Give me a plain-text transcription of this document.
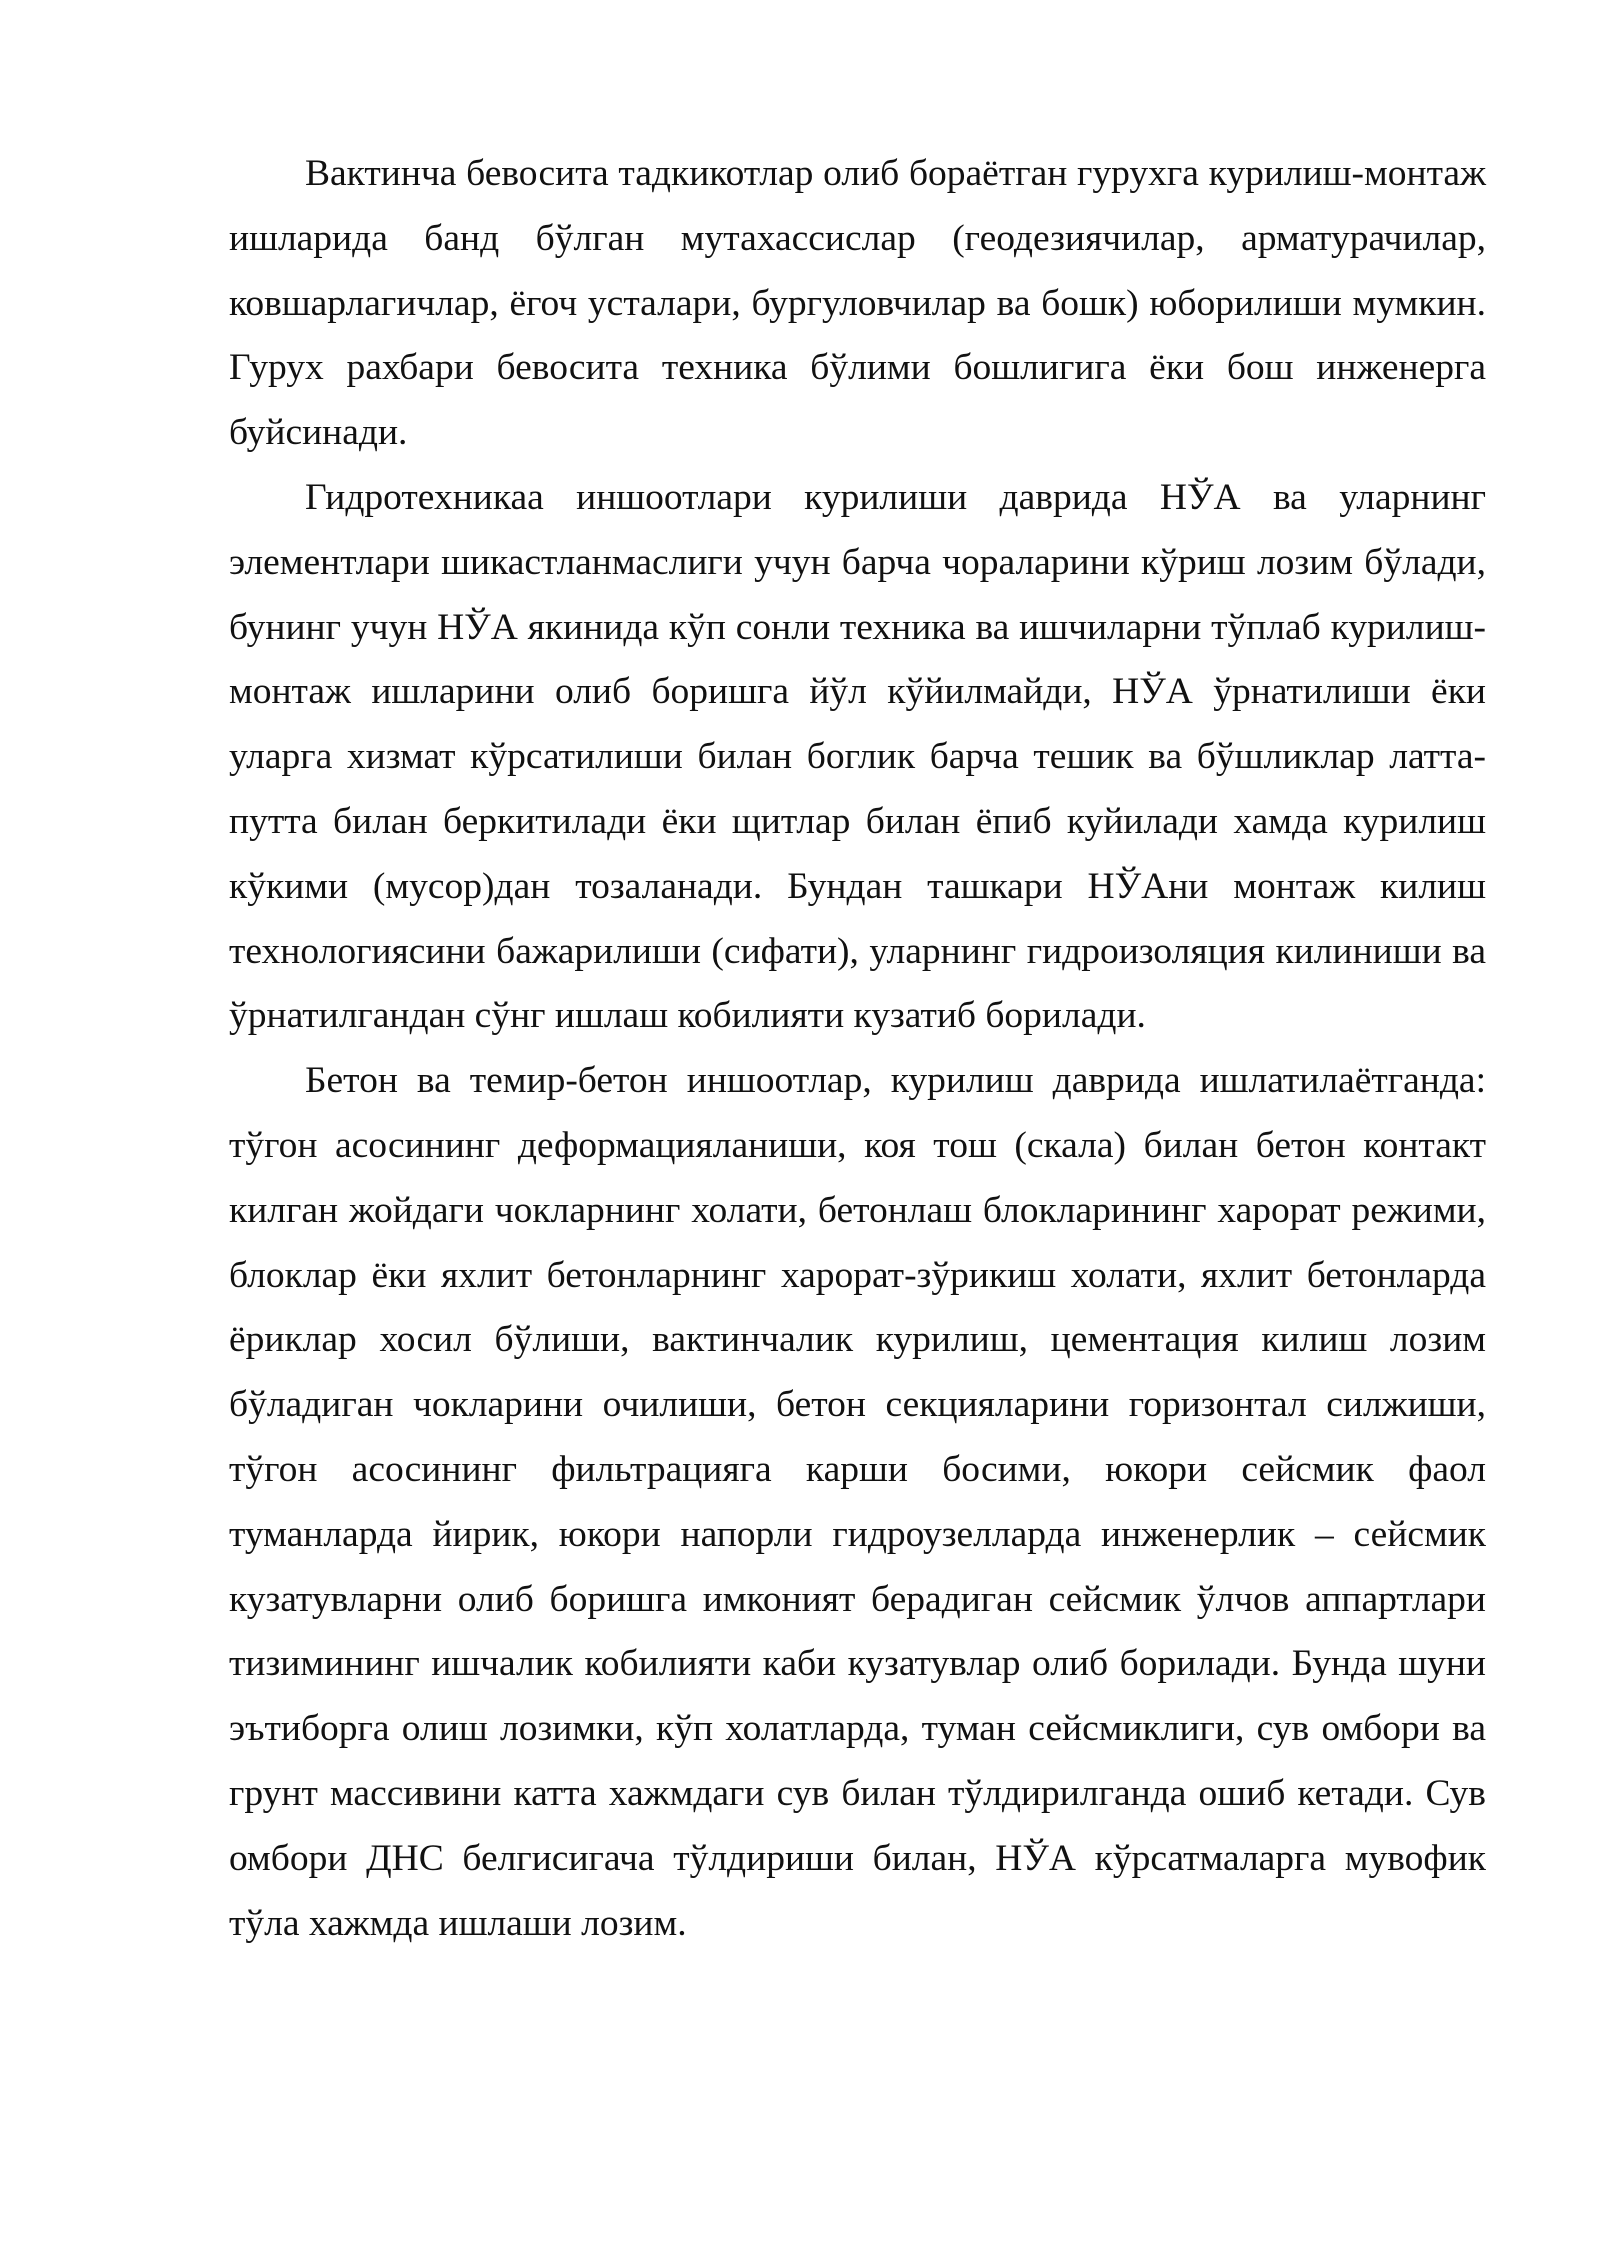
Вактинча бевосита тадкикотлар олиб бораётган гурухга курилиш-монтаж ишларида банд бўлган мутахассислар (геодезиячилар, арматурачилар, ковшарлагичлар, ёгоч усталари, бургуловчилар ва бошк) юборилиши мумкин. Гурух рахбари бевосита техника бўлими бошлигига ёки бош инженерга буйсинади.

Гидротехникаа иншоотлари курилиши даврида НЎА ва уларнинг элементлари шикастланмаслиги учун барча чораларини кўриш лозим бўлади, бунинг учун НЎА якинида кўп сонли техника ва ишчиларни тўплаб курилиш-монтаж ишларини олиб боришга йўл кўйилмайди, НЎА ўрнатилиши ёки уларга хизмат кўрсатилиши билан боглик барча тешик ва бўшликлар латта-путта билан беркитилади ёки щитлар билан ёпиб куйилади хамда курилиш кўкими (мусор)дан тозаланади. Бундан ташкари НЎАни монтаж килиш технологиясини бажарилиши (сифати), уларнинг гидроизоляция килиниши ва ўрнатилгандан сўнг ишлаш кобилияти кузатиб борилади.

Бетон ва темир-бетон иншоотлар, курилиш даврида ишлатилаётганда: тўгон асосининг деформацияланиши, коя тош (скала) билан бетон контакт килган жойдаги чокларнинг холати, бетонлаш блокларининг харорат режими, блоклар ёки яхлит бетонларнинг харорат-зўрикиш холати, яхлит бетонларда ёриклар хосил бўлиши, вактинчалик курилиш, цементация килиш лозим бўладиган чокларини очилиши, бетон секцияларини горизонтал силжиши, тўгон асосининг фильтрацияга карши босими, юкори сейсмик фаол туманларда йирик, юкори напорли гидроузелларда инженерлик – сейсмик кузатувларни олиб боришга имконият берадиган сейсмик ўлчов аппартлари тизимининг ишчалик кобилияти каби кузатувлар олиб борилади. Бунда шуни эътиборга олиш лозимки, кўп холатларда, туман сейсмиклиги, сув омбори ва грунт массивини катта хажмдаги сув билан тўлдирилганда ошиб кетади. Сув омбори ДНС белгисигача тўлдириши билан, НЎА кўрсатмаларга мувофик тўла хажмда ишлаши лозим.
